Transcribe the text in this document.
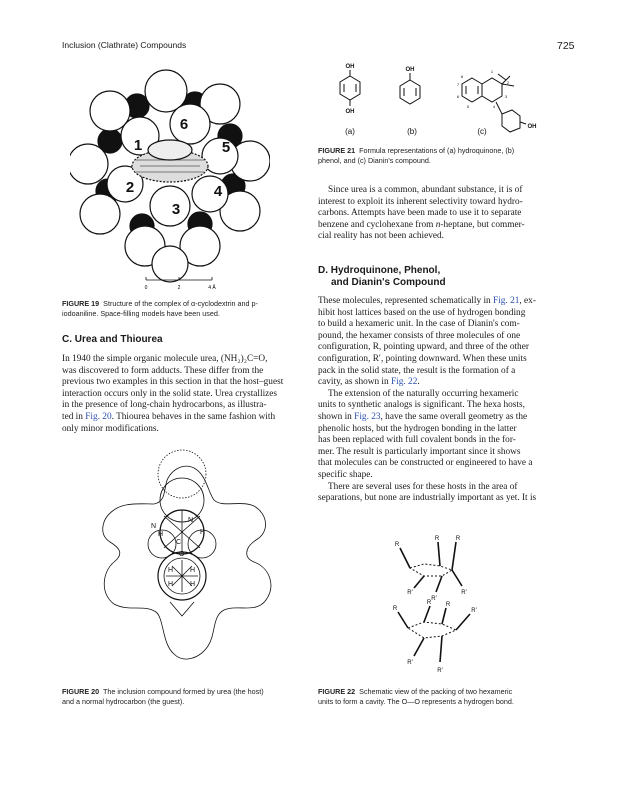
Inclusion (Clathrate) Compounds	725
6
1	5
2	4
3
0	2	4 Å
FIGURE 19 Structure of the complex of α-cyclodextrin and p-
iodoaniline. Space-filling models have been used.
C. Urea and Thiourea
In 1940 the simple organic molecule urea, (NH₂)₂C=O,
was discovered to form adducts. These differ from the
previous two examples in this section in that the host–guest
interaction occurs only in the solid state. Urea crystallizes
in the presence of long-chain hydrocarbons, as illustra-
ted in Fig. 20. Thiourea behaves in the same fashion with
only minor modifications.
N
N
H	H
C
O
H H
H H
FIGURE 20 The inclusion compound formed by urea (the host)
and a normal hydrocarbon (the guest).
OH
OH
OH
OH
8
1
2
7
6	3
5	4
(a)	(b)	(c)
FIGURE 21 Formula representations of (a) hydroquinone, (b)
phenol, and (c) Dianin's compound.
Since urea is a common, abundant substance, it is of
interest to exploit its inherent selectivity toward hydro-
carbons. Attempts have been made to use it to separate
benzene and cyclohexane from n-heptane, but commer-
cial reality has not been achieved.
D. Hydroquinone, Phenol,
and Dianin's Compound
These molecules, represented schematically in Fig. 21, ex-
hibit host lattices based on the use of hydrogen bonding
to build a hexameric unit. In the case of Dianin's com-
pound, the hexamer consists of three molecules of one
configuration, R, pointing upward, and three of the other
configuration, R′, pointing downward. When these units
pack in the solid state, the result is the formation of a
cavity, as shown in Fig. 22.
The extension of the naturally occurring hexameric
units to synthetic analogs is significant. The hexa hosts,
shown in Fig. 23, have the same overall geometry as the
phenolic hosts, but the hydrogen bonding in the latter
has been replaced with full covalent bonds in the for-
mer. The result is particularly important since it shows
that molecules can be constructed or engineered to have a
specific shape.
There are several uses for these hosts in the area of
separations, but none are industrially important as yet. It is
R
R	R
R′
R′
R′
R
R R
R′
R′
R′
FIGURE 22 Schematic view of the packing of two hexameric
units to form a cavity. The O—O represents a hydrogen bond.
